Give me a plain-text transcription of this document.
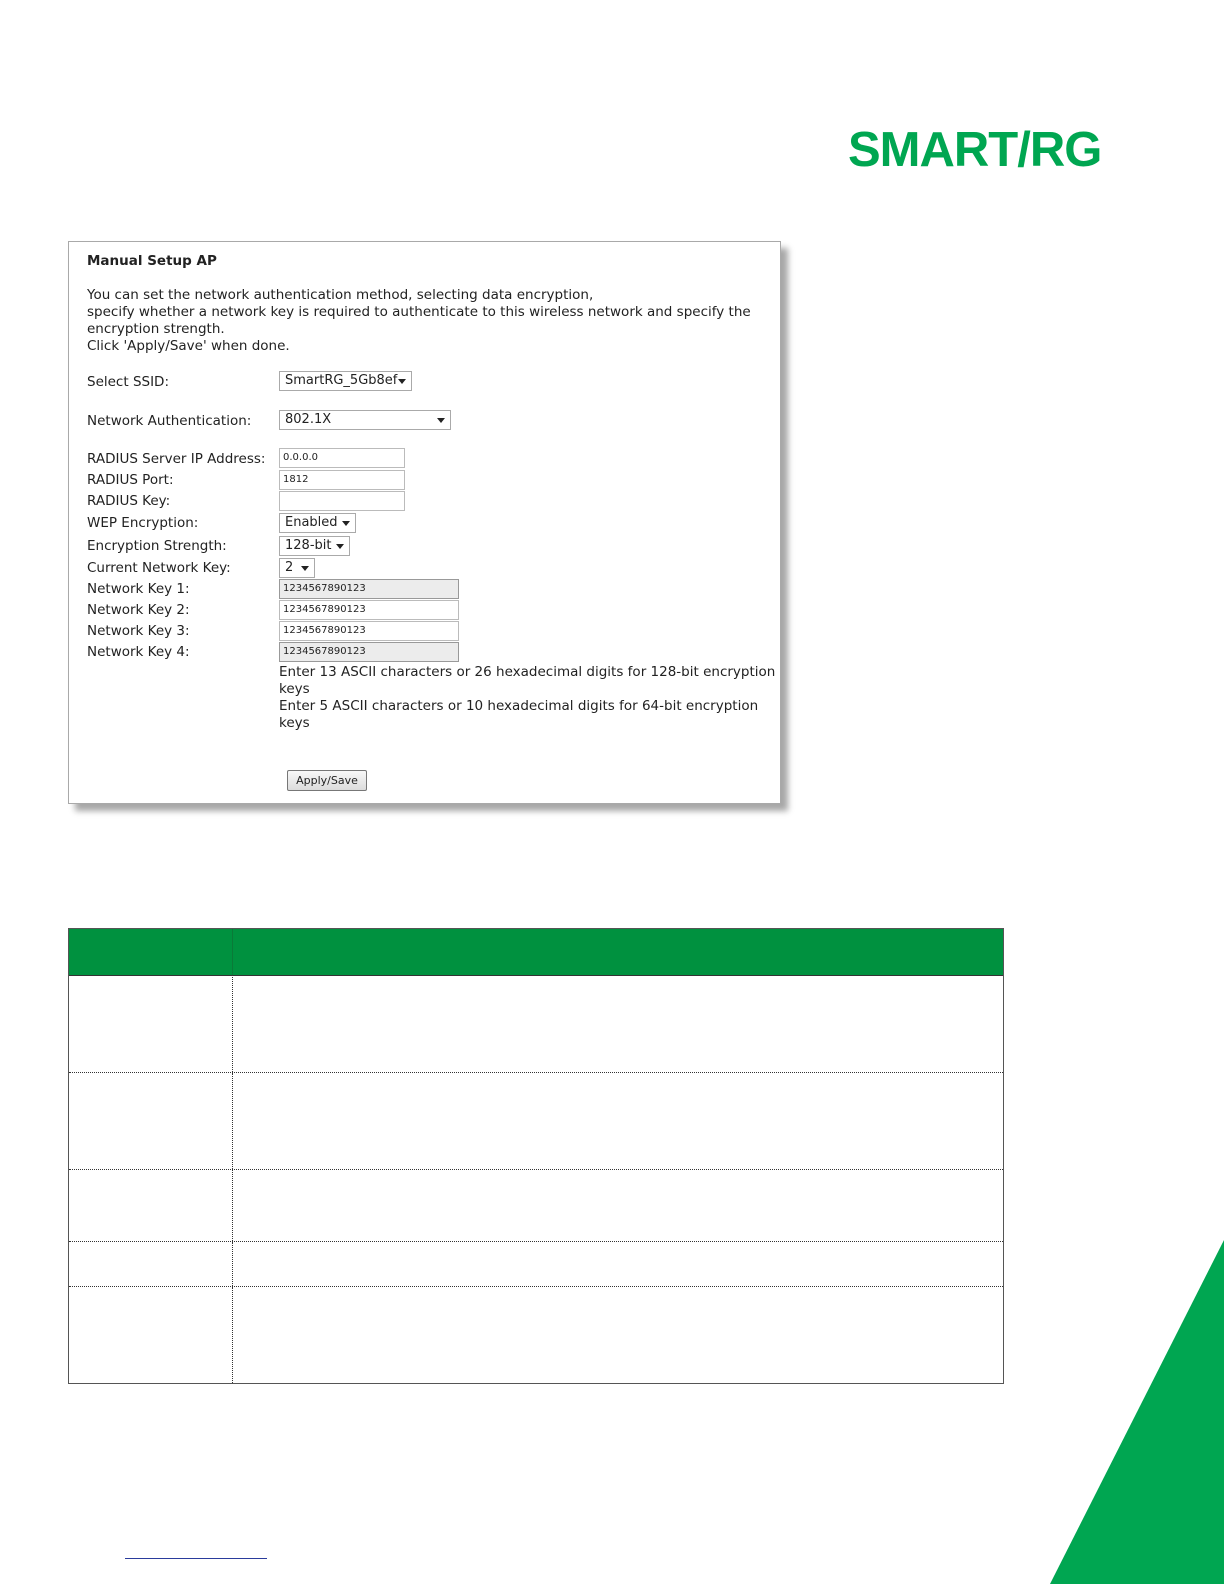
SMART/RG
Manual Setup AP
You can set the network authentication method, selecting data encryption,
specify whether a network key is required to authenticate to this wireless network and specify the
encryption strength.
Click 'Apply/Save' when done.
Select SSID:	SmartRG_5Gb8ef
Network Authentication:	802.1X
RADIUS Server IP Address:	0.0.0.0
RADIUS Port:	1812
RADIUS Key:
WEP Encryption:	Enabled
Encryption Strength:	128-bit
Current Network Key:	2
Network Key 1:	1234567890123
Network Key 2:	1234567890123
Network Key 3:	1234567890123
Network Key 4:	1234567890123
Enter 13 ASCII characters or 26 hexadecimal digits for 128-bit encryption
keys
Enter 5 ASCII characters or 10 hexadecimal digits for 64-bit encryption
keys
Apply/Save
